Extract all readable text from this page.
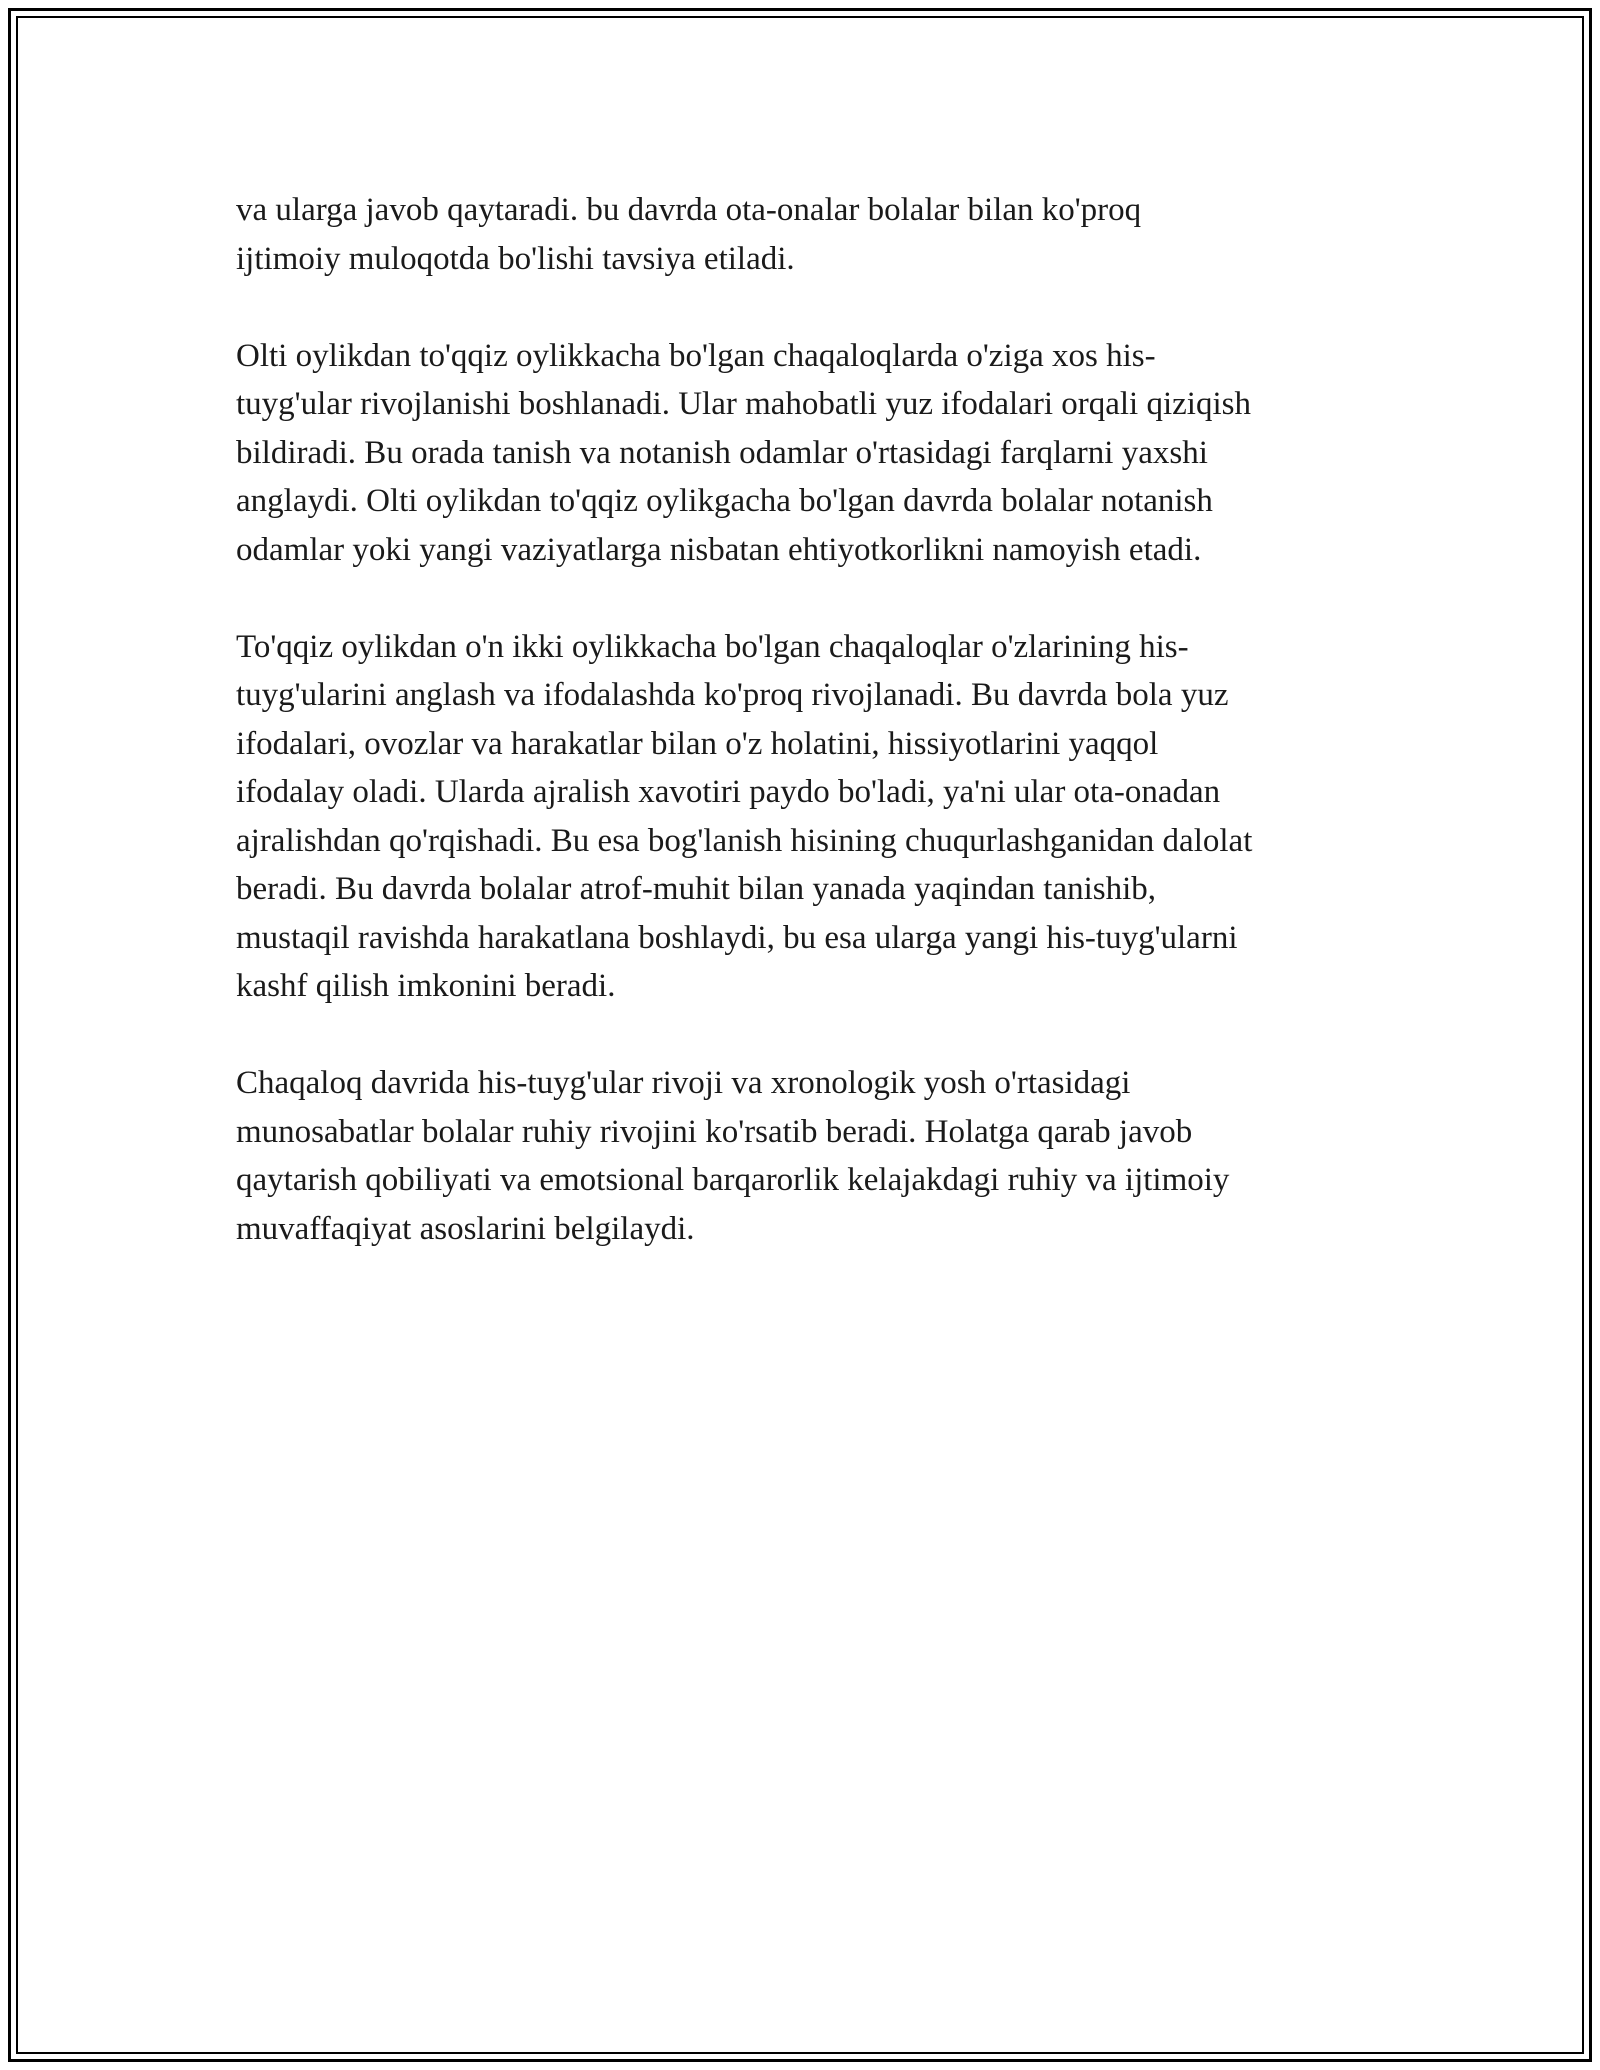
va ularga javob qaytaradi. bu davrda ota-onalar bolalar bilan ko'proq
ijtimoiy muloqotda bo'lishi tavsiya etiladi.

Olti oylikdan to'qqiz oylikkacha bo'lgan chaqaloqlarda o'ziga xos his-
tuyg'ular rivojlanishi boshlanadi. Ular mahobatli yuz ifodalari orqali qiziqish
bildiradi. Bu orada tanish va notanish odamlar o'rtasidagi farqlarni yaxshi
anglaydi. Olti oylikdan to'qqiz oylikgacha bo'lgan davrda bolalar notanish
odamlar yoki yangi vaziyatlarga nisbatan ehtiyotkorlikni namoyish etadi.

To'qqiz oylikdan o'n ikki oylikkacha bo'lgan chaqaloqlar o'zlarining his-
tuyg'ularini anglash va ifodalashda ko'proq rivojlanadi. Bu davrda bola yuz
ifodalari, ovozlar va harakatlar bilan o'z holatini, hissiyotlarini yaqqol
ifodalay oladi. Ularda ajralish xavotiri paydo bo'ladi, ya'ni ular ota-onadan
ajralishdan qo'rqishadi. Bu esa bog'lanish hisining chuqurlashganidan dalolat
beradi. Bu davrda bolalar atrof-muhit bilan yanada yaqindan tanishib,
mustaqil ravishda harakatlana boshlaydi, bu esa ularga yangi his-tuyg'ularni
kashf qilish imkonini beradi.

Chaqaloq davrida his-tuyg'ular rivoji va xronologik yosh o'rtasidagi
munosabatlar bolalar ruhiy rivojini ko'rsatib beradi. Holatga qarab javob
qaytarish qobiliyati va emotsional barqarorlik kelajakdagi ruhiy va ijtimoiy
muvaffaqiyat asoslarini belgilaydi.
